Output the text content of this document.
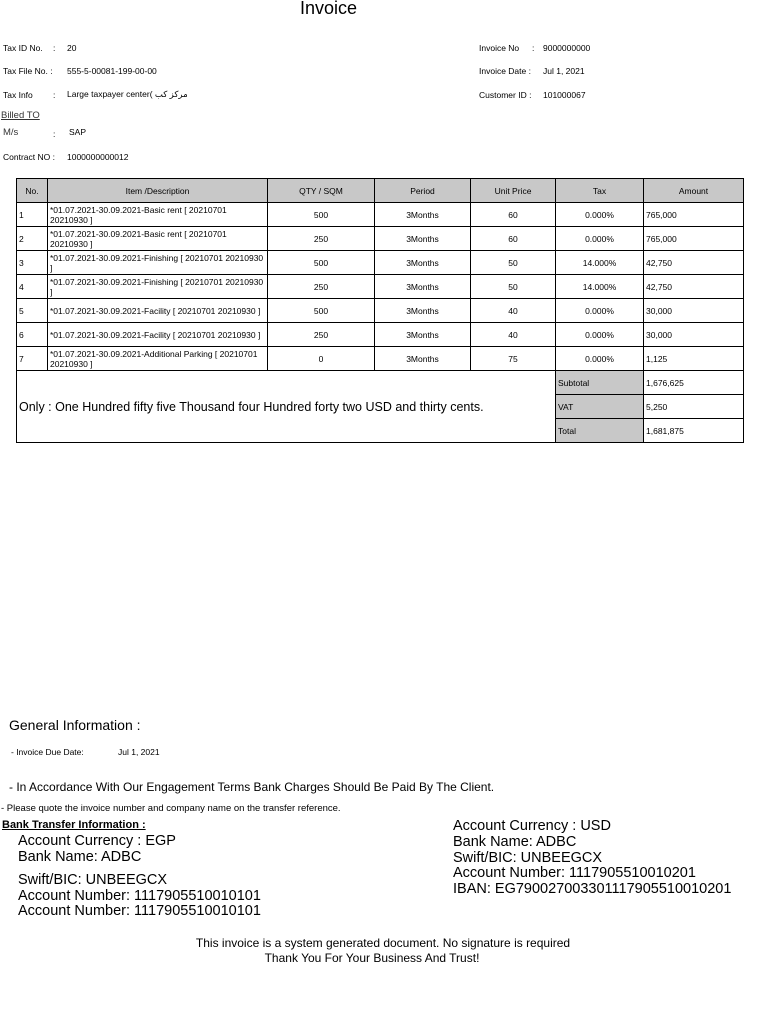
Invoice
Tax ID No. : 20
Tax File No. : 555-5-00081-199-00-00
Tax Info : Large taxpayer center( مركز كب
Billed TO
M/s	: SAP
Contract NO : 1000000000012
Invoice No : 9000000000
Invoice Date : Jul 1, 2021
Customer ID : 101000067
No.	Item /Description	QTY / SQM	Period	Unit Price	Tax	Amount
1	*01.07.2021-30.09.2021-Basic rent [ 20210701 20210930 ]	500	3Months	60	0.000%	765,000
2	*01.07.2021-30.09.2021-Basic rent [ 20210701 20210930 ]	250	3Months	60	0.000%	765,000
3	*01.07.2021-30.09.2021-Finishing [ 20210701 20210930 ]	500	3Months	50	14.000%	42,750
4	*01.07.2021-30.09.2021-Finishing [ 20210701 20210930 ]	250	3Months	50	14.000%	42,750
5	*01.07.2021-30.09.2021-Facility [ 20210701 20210930 ]	500	3Months	40	0.000%	30,000
6	*01.07.2021-30.09.2021-Facility [ 20210701 20210930 ]	250	3Months	40	0.000%	30,000
7	*01.07.2021-30.09.2021-Additional Parking [ 20210701 20210930 ]	0	3Months	75	0.000%	1,125
Only : One Hundred fifty five Thousand four Hundred forty two USD and thirty cents.					Subtotal	1,676,625
					VAT	5,250
					Total	1,681,875
General Information :
- Invoice Due Date:	Jul 1, 2021
- In Accordance With Our Engagement Terms Bank Charges Should Be Paid By The Client.
- Please quote the invoice number and company name on the transfer reference.
Bank Transfer Information :
Account Currency : EGP
Bank Name: ADBC
Swift/BIC: UNBEEGCX
Account Number: 1117905510010101
Account Number: 1117905510010101
Account Currency : USD
Bank Name: ADBC
Swift/BIC: UNBEEGCX
Account Number: 1117905510010201
IBAN: EG790027003301117905510010201
This invoice is a system generated document. No signature is required
Thank You For Your Business And Trust!
